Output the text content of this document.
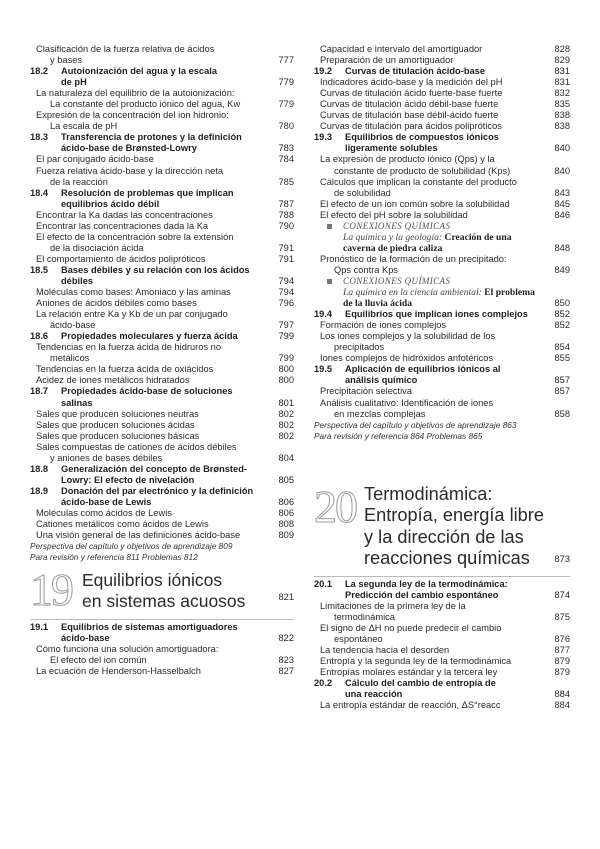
Clasificación de la fuerza relativa de ácidos
y bases	777
18.2 Autoionización del agua y la escala
de pH	779
La naturaleza del equilibrio de la autoionización:
La constante del producto iónico del agua, Kw	779
Expresión de la concentración del ion hidronio:
La escala de pH	780
18.3 Transferencia de protones y la definición
ácido-base de Brønsted-Lowry	783
El par conjugado ácido-base	784
Fuerza relativa ácido-base y la dirección neta
de la reacción	785
18.4 Resolución de problemas que implican
equilibrios ácido débil	787
Encontrar la Ka dadas las concentraciones	788
Encontrar las concentraciones dada la Ka	790
El efecto de la concentración sobre la extensión
de la disociación ácida	791
El comportamiento de ácidos polipróticos	791
18.5 Bases débiles y su relación con los ácidos
débiles	794
Moléculas como bases: Amoniaco y las aminas	794
Aniones de ácidos débiles como bases	796
La relación entre Ka y Kb de un par conjugado
ácido-base	797
18.6 Propiedades moleculares y fuerza ácida	799
Tendencias en la fuerza ácida de hidruros no
metálicos	799
Tendencias en la fuerza ácida de oxiácidos	800
Acidez de iones metálicos hidratados	800
18.7 Propiedades ácido-base de soluciones
salinas	801
Sales que producen soluciones neutras	802
Sales que producen soluciones ácidas	802
Sales que producen soluciones básicas	802
Sales compuestas de cationes de ácidos débiles
y aniones de bases débiles	804
18.8 Generalización del concepto de Brønsted-
Lowry: El efecto de nivelación	805
18.9 Donación del par electrónico y la definición
ácido-base de Lewis	806
Moléculas como ácidos de Lewis	806
Cationes metálicos como ácidos de Lewis	808
Una visión general de las definiciones ácido-base	809
Perspectiva del capítulo y objetivos de aprendizaje 809
Para revisión y referencia 811 Problemas 812
19 Equilibrios iónicos
en sistemas acuosos	821
19.1 Equilibrios de sistemas amortiguadores
ácido-base	822
Cómo funciona una solución amortiguadora:
El efecto del ion común	823
La ecuación de Henderson-Hasselbalch	827
Capacidad e intervalo del amortiguador	828
Preparación de un amortiguador	829
19.2 Curvas de titulación ácido-base	831
Indicadores ácido-base y la medición del pH	831
Curvas de titulación ácido fuerte-base fuerte	832
Curvas de titulación ácido débil-base fuerte	835
Curvas de titulación base débil-ácido fuerte	838
Curvas de titulación para ácidos polipróticos	838
19.3 Equilibrios de compuestos iónicos
ligeramente solubles	840
La expresión de producto iónico (Qps) y la
constante de producto de solubilidad (Kps)	840
Cálculos que implican la constante del producto
de solubilidad	843
El efecto de un ion común sobre la solubilidad	845
El efecto del pH sobre la solubilidad	846
CONEXIONES QUÍMICAS
La química y la geología: Creación de una
caverna de piedra caliza	848
Pronóstico de la formación de un precipitado:
Qps contra Kps	849
CONEXIONES QUÍMICAS
La química en la ciencia ambiental: El problema
de la lluvia ácida	850
19.4 Equilibrios que implican iones complejos	852
Formación de iones complejos	852
Los iones complejos y la solubilidad de los
precipitados	854
Iones complejos de hidróxidos anfotéricos	855
19.5 Aplicación de equilibrios iónicos al
análisis químico	857
Precipitación selectiva	857
Análisis cualitativo: Identificación de iones
en mezclas complejas	858
Perspectiva del capítulo y objetivos de aprendizaje 863
Para revisión y referencia 864 Problemas 865
20 Termodinámica:
Entropía, energía libre
y la dirección de las
reacciones químicas	873
20.1 La segunda ley de la termodinámica:
Predicción del cambio espontáneo	874
Limitaciones de la primera ley de la
termodinámica	875
El signo de ΔH no puede predecir el cambio
espontáneo	876
La tendencia hacia el desorden	877
Entropía y la segunda ley de la termodinámica	879
Entropías molares estándar y la tercera ley	879
20.2 Cálculo del cambio de entropía de
una reacción	884
La entropía estándar de reacción, ΔS°reacc	884
